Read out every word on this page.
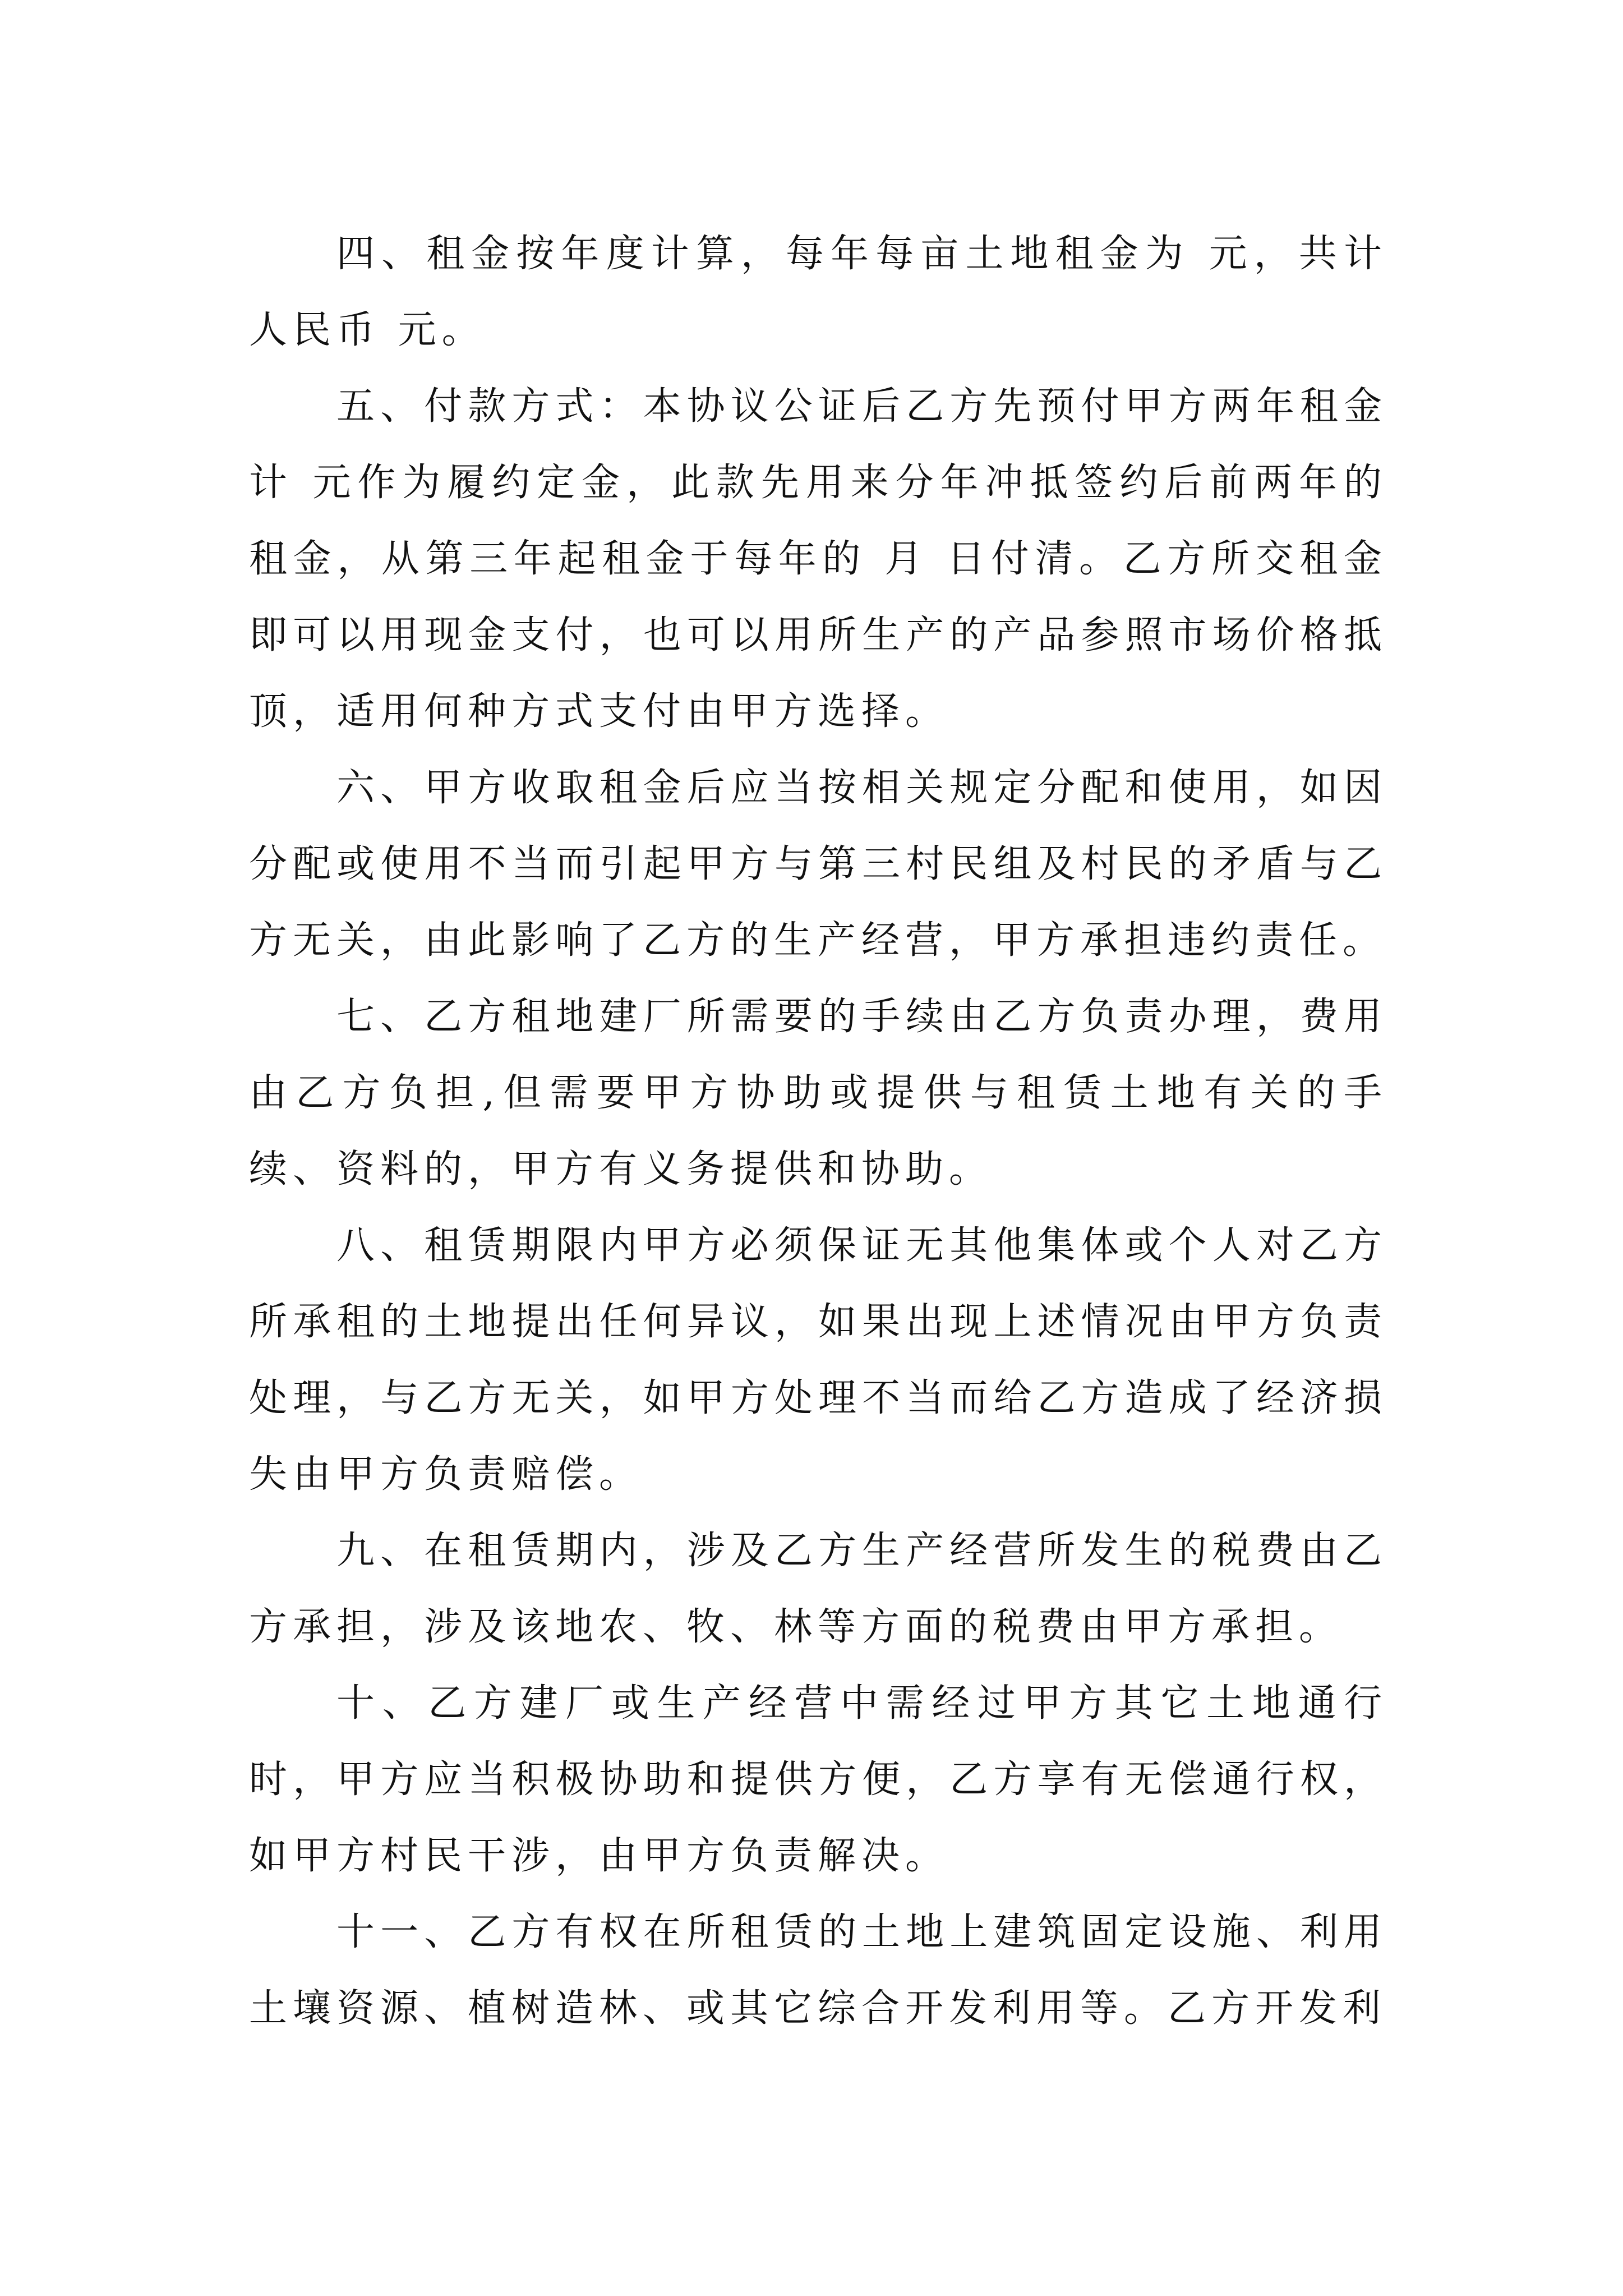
四、租金按年度计算，每年每亩土地租金为 元，共计人民币 元。

五、付款方式：本协议公证后乙方先预付甲方两年租金计 元作为履约定金，此款先用来分年冲抵签约后前两年的租金，从第三年起租金于每年的 月 日付清。乙方所交租金即可以用现金支付，也可以用所生产的产品参照市场价格抵顶，适用何种方式支付由甲方选择。

六、甲方收取租金后应当按相关规定分配和使用，如因分配或使用不当而引起甲方与第三村民组及村民的矛盾与乙方无关，由此影响了乙方的生产经营，甲方承担违约责任。

七、乙方租地建厂所需要的手续由乙方负责办理，费用由乙方负担,但需要甲方协助或提供与租赁土地有关的手续、资料的，甲方有义务提供和协助。

八、租赁期限内甲方必须保证无其他集体或个人对乙方所承租的土地提出任何异议，如果出现上述情况由甲方负责处理，与乙方无关，如甲方处理不当而给乙方造成了经济损失由甲方负责赔偿。

九、在租赁期内，涉及乙方生产经营所发生的税费由乙方承担，涉及该地农、牧、林等方面的税费由甲方承担。

十、乙方建厂或生产经营中需经过甲方其它土地通行时，甲方应当积极协助和提供方便，乙方享有无偿通行权，如甲方村民干涉，由甲方负责解决。

十一、乙方有权在所租赁的土地上建筑固定设施、利用土壤资源、植树造林、或其它综合开发利用等。乙方开发利
